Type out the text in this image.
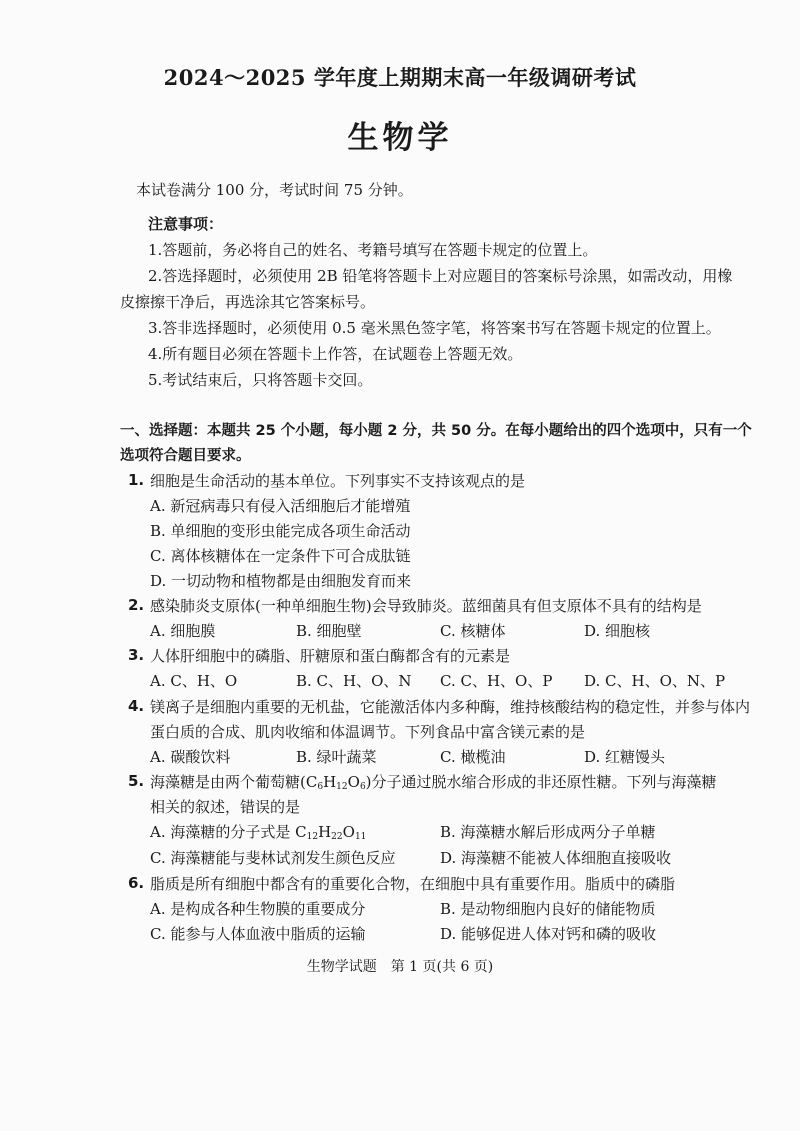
2024～2025 学年度上期期末高一年级调研考试
生物学
本试卷满分 100 分，考试时间 75 分钟。
注意事项：
1.答题前，务必将自己的姓名、考籍号填写在答题卡规定的位置上。
2.答选择题时，必须使用 2B 铅笔将答题卡上对应题目的答案标号涂黑，如需改动，用橡
皮擦擦干净后，再选涂其它答案标号。
3.答非选择题时，必须使用 0.5 毫米黑色签字笔，将答案书写在答题卡规定的位置上。
4.所有题目必须在答题卡上作答，在试题卷上答题无效。
5.考试结束后，只将答题卡交回。
一、选择题：本题共 25 个小题，每小题 2 分，共 50 分。在每小题给出的四个选项中，只有一个
选项符合题目要求。
1. 细胞是生命活动的基本单位。下列事实不支持该观点的是
A. 新冠病毒只有侵入活细胞后才能增殖
B. 单细胞的变形虫能完成各项生命活动
C. 离体核糖体在一定条件下可合成肽链
D. 一切动物和植物都是由细胞发育而来
2. 感染肺炎支原体(一种单细胞生物)会导致肺炎。蓝细菌具有但支原体不具有的结构是
A. 细胞膜	B. 细胞壁	C. 核糖体	D. 细胞核
3. 人体肝细胞中的磷脂、肝糖原和蛋白酶都含有的元素是
A. C、H、O	B. C、H、O、N C. C、H、O、P D. C、H、O、N、P
4. 镁离子是细胞内重要的无机盐，它能激活体内多种酶，维持核酸结构的稳定性，并参与体内
蛋白质的合成、肌肉收缩和体温调节。下列食品中富含镁元素的是
A. 碳酸饮料	B. 绿叶蔬菜	C. 橄榄油	D. 红糖馒头
5. 海藻糖是由两个葡萄糖$(C_6H_{12}O_6)$分子通过脱水缩合形成的非还原性糖。下列与海藻糖
相关的叙述，错误的是
A. 海藻糖的分子式是 $C_{12}H_{22}O_{11}$	B. 海藻糖水解后形成两分子单糖
C. 海藻糖能与斐林试剂发生颜色反应	D. 海藻糖不能被人体细胞直接吸收
6. 脂质是所有细胞中都含有的重要化合物，在细胞中具有重要作用。脂质中的磷脂
A. 是构成各种生物膜的重要成分	B. 是动物细胞内良好的储能物质
C. 能参与人体血液中脂质的运输	D. 能够促进人体对钙和磷的吸收
生物学试题　第 1 页(共 6 页)
